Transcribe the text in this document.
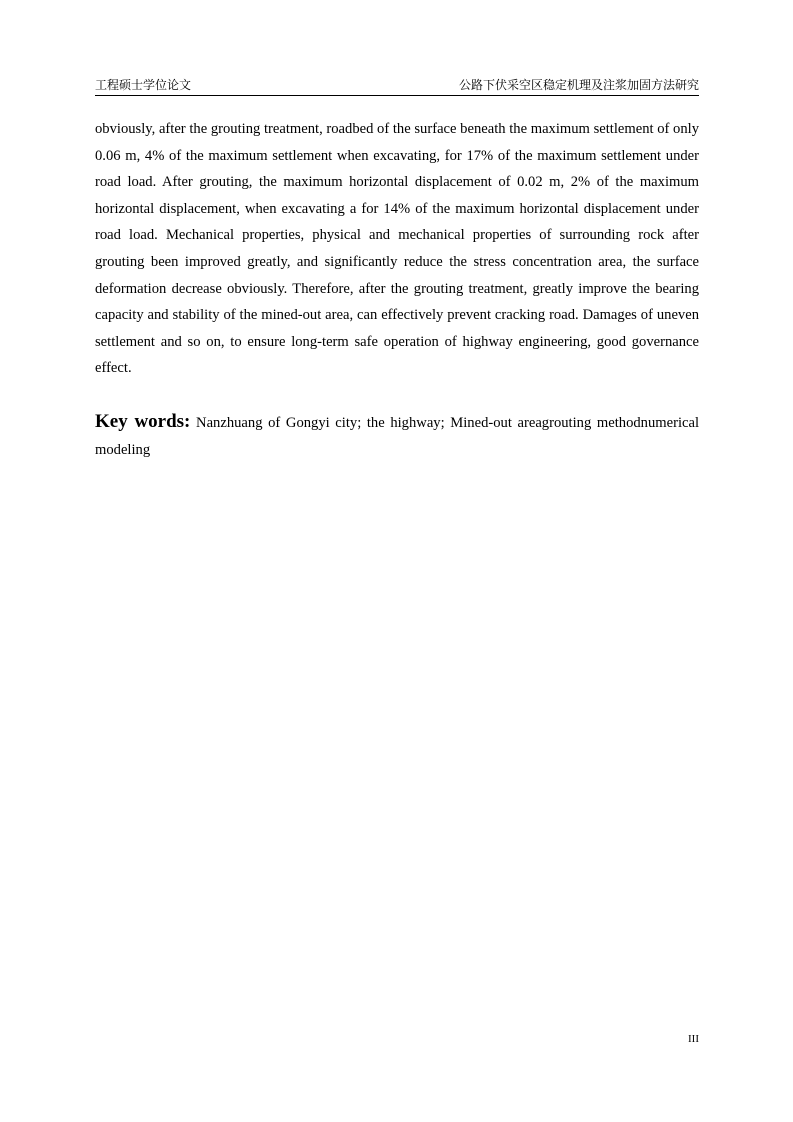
工程硕士学位论文	公路下伏采空区稳定机理及注浆加固方法研究

obviously, after the grouting treatment, roadbed of the surface beneath the maximum settlement of only 0.06 m, 4% of the maximum settlement when excavating, for 17% of the maximum settlement under road load. After grouting, the maximum horizontal displacement of 0.02 m, 2% of the maximum horizontal displacement, when excavating a for 14% of the maximum horizontal displacement under road load. Mechanical properties, physical and mechanical properties of surrounding rock after grouting been improved greatly, and significantly reduce the stress concentration area, the surface deformation decrease obviously. Therefore, after the grouting treatment, greatly improve the bearing capacity and stability of the mined-out area, can effectively prevent cracking road. Damages of uneven settlement and so on, to ensure long-term safe operation of highway engineering, good governance effect.

Key words: Nanzhuang of Gongyi city; the highway; Mined-out areagrouting methodnumerical modeling

III
